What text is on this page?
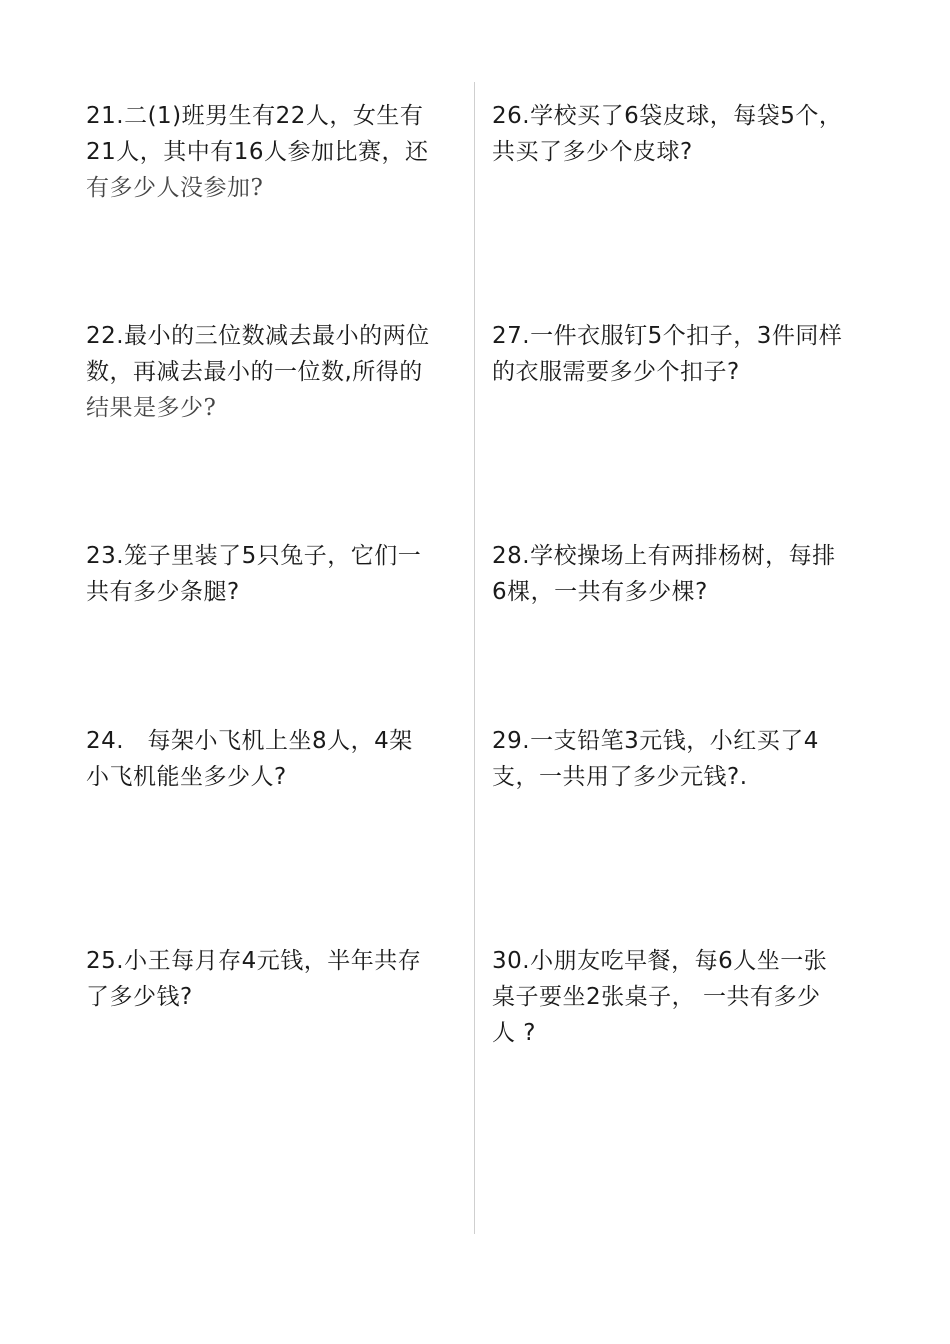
21.二(1)班男生有22人，女生有
21人，其中有16人参加比赛，还
有多少人没参加?
22.最小的三位数减去最小的两位
数，再减去最小的一位数,所得的
结果是多少?
23.笼子里装了5只兔子，它们一
共有多少条腿?
24.   每架小飞机上坐8人，4架
小飞机能坐多少人?
25.小王每月存4元钱，半年共存
了多少钱?
26.学校买了6袋皮球，每袋5个，
共买了多少个皮球?
27.一件衣服钉5个扣子，3件同样
的衣服需要多少个扣子?
28.学校操场上有两排杨树，每排
6棵，一共有多少棵?
29.一支铅笔3元钱，小红买了4
支，一共用了多少元钱?.
30.小朋友吃早餐，每6人坐一张
桌子要坐2张桌子， 一共有多少
人 ?
